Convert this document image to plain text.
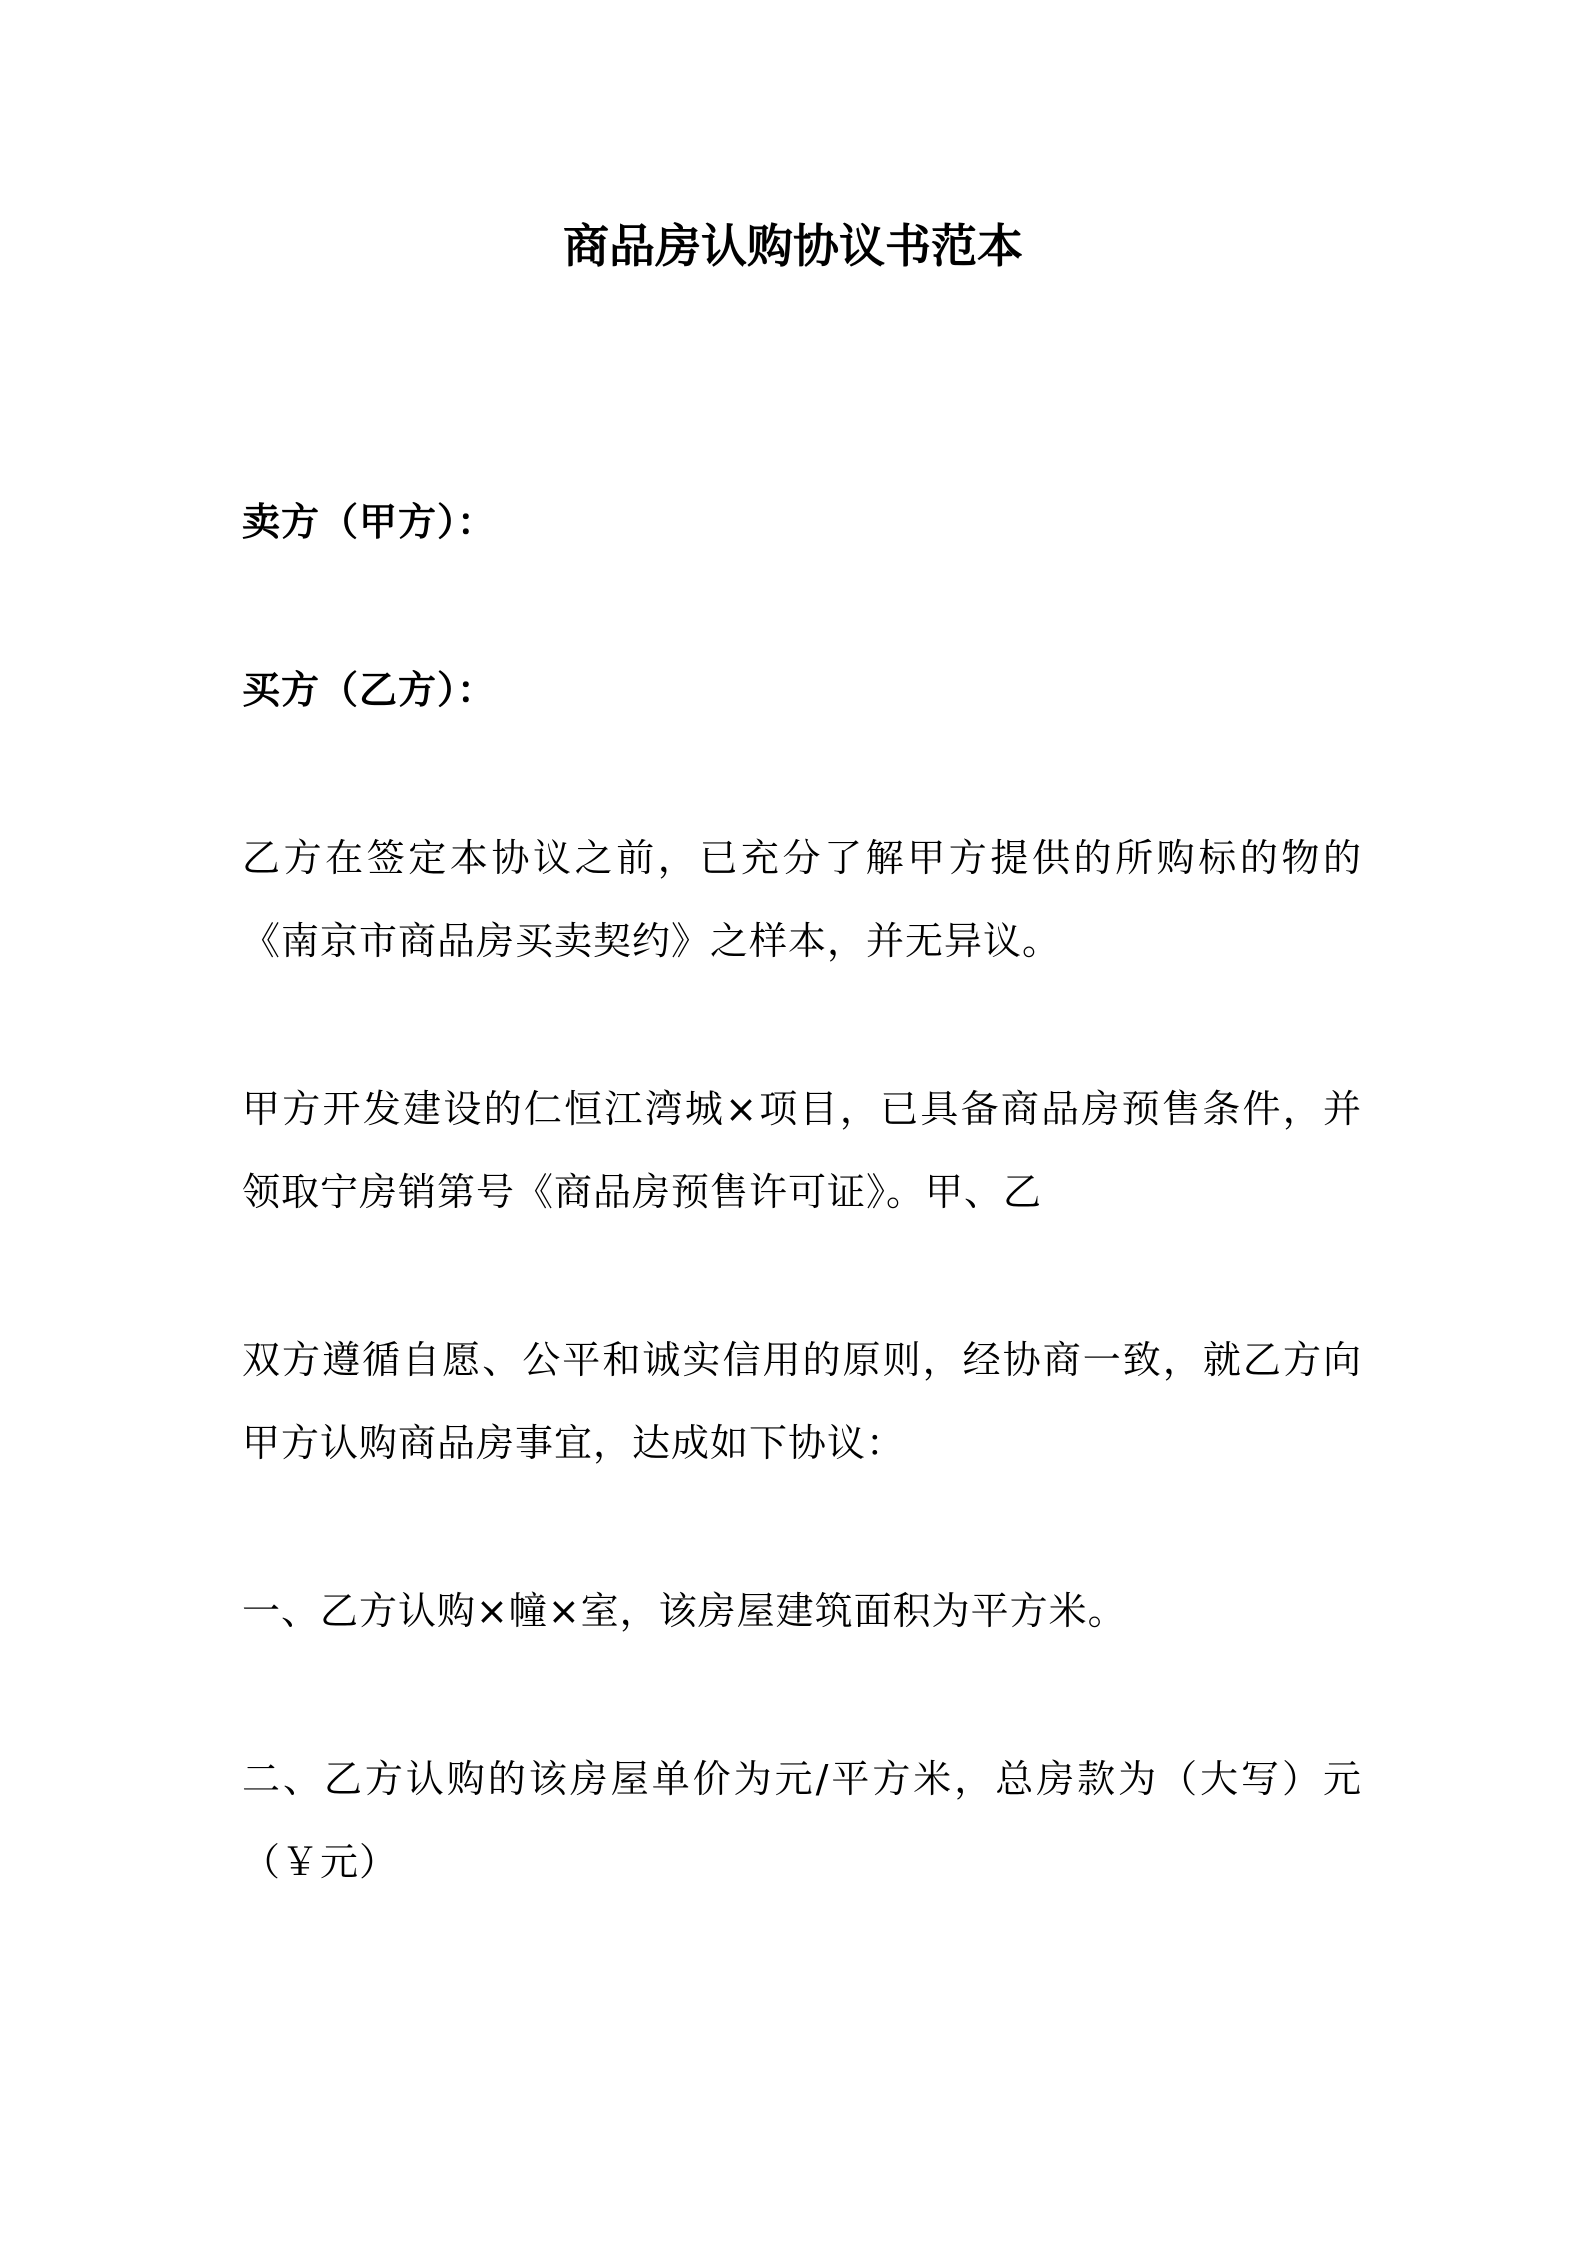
商品房认购协议书范本

卖方（甲方）：

买方（乙方）：

乙方在签定本协议之前，已充分了解甲方提供的所购标的物的

《南京市商品房买卖契约》之样本，并无异议。

甲方开发建设的仁恒江湾城×项目，已具备商品房预售条件，并

领取宁房销第号《商品房预售许可证》。甲、乙

双方遵循自愿、公平和诚实信用的原则，经协商一致，就乙方向

甲方认购商品房事宜，达成如下协议：

一、乙方认购×幢×室，该房屋建筑面积为平方米。

二、乙方认购的该房屋单价为元/平方米，总房款为（大写）元

（￥元）
